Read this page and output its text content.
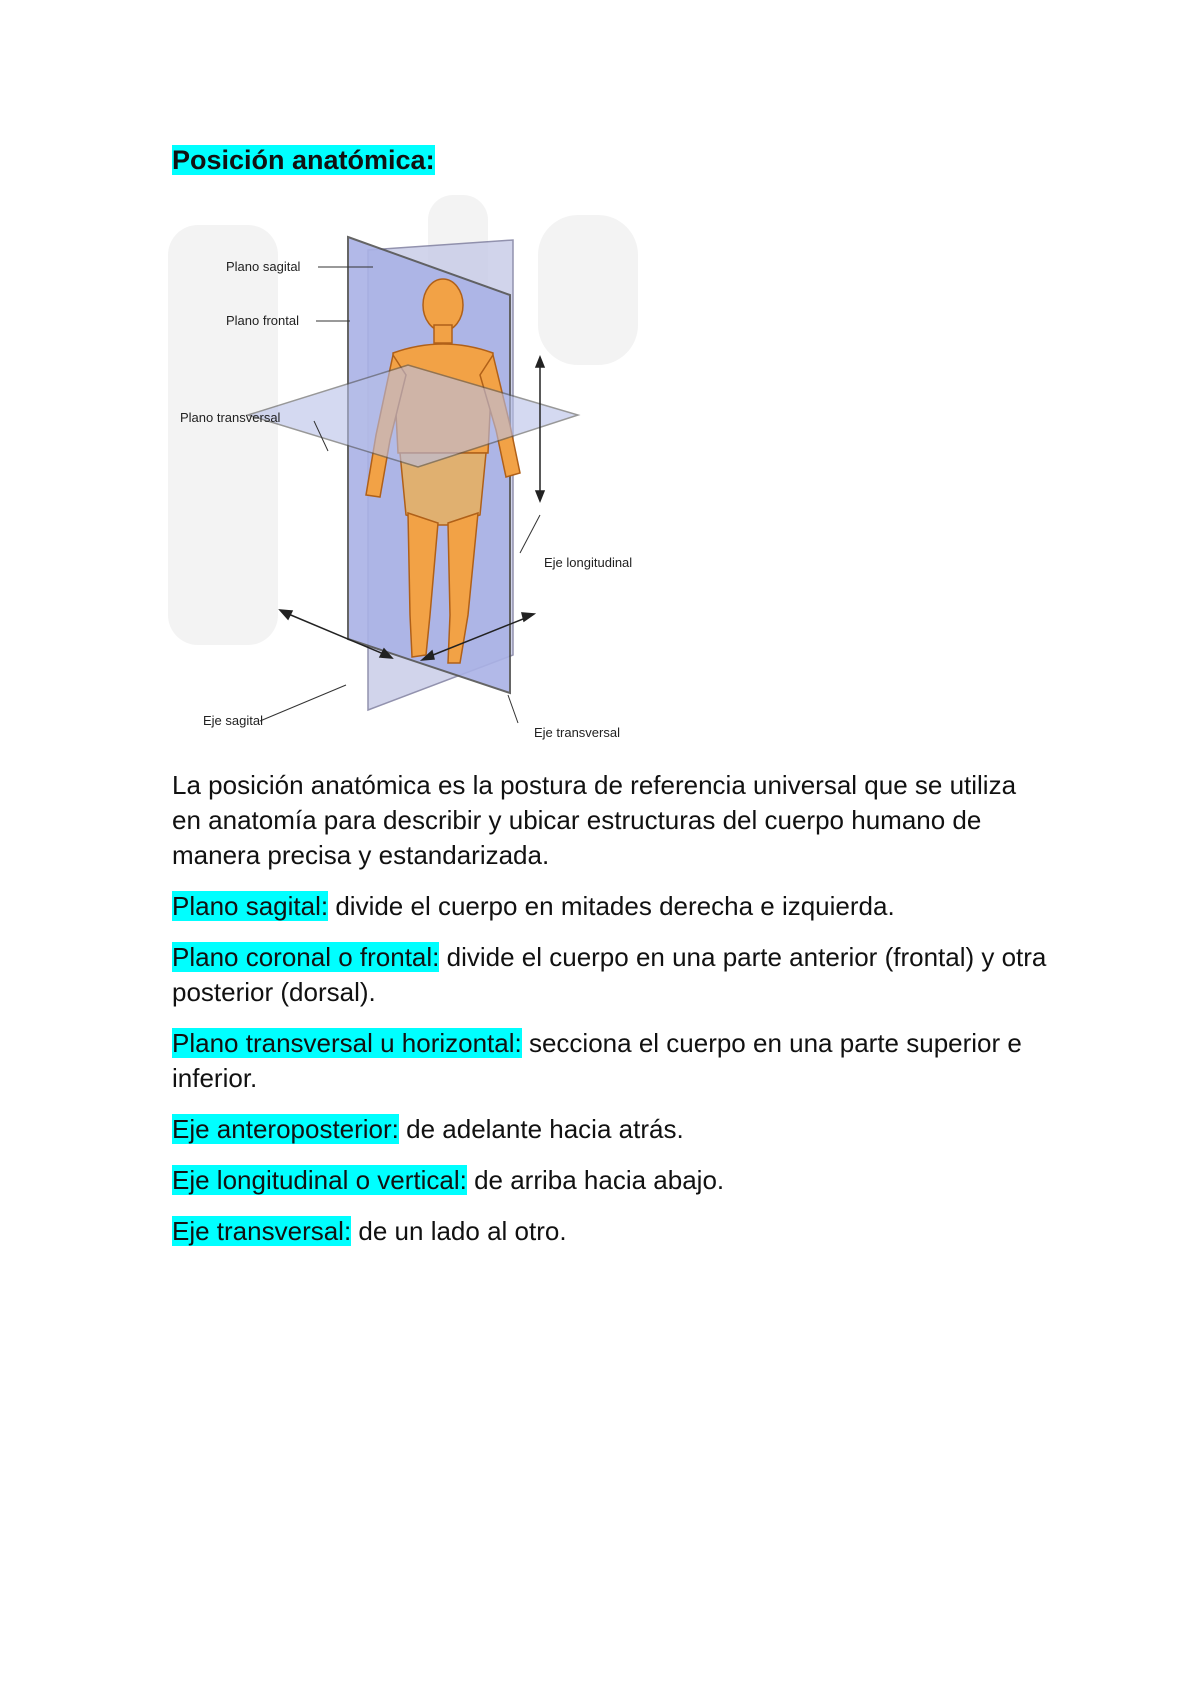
Posición anatómica:
Plano sagital
Plano frontal
Plano transversal
Eje longitudinal
Eje sagital
Eje transversal

La posición anatómica es la postura de referencia universal que se utiliza en anatomía para describir y ubicar estructuras del cuerpo humano de manera precisa y estandarizada.

Plano sagital: divide el cuerpo en mitades derecha e izquierda.

Plano coronal o frontal: divide el cuerpo en una parte anterior (frontal) y otra posterior (dorsal).

Plano transversal u horizontal: secciona el cuerpo en una parte superior e inferior.

Eje anteroposterior: de adelante hacia atrás.

Eje longitudinal o vertical: de arriba hacia abajo.

Eje transversal: de un lado al otro.
